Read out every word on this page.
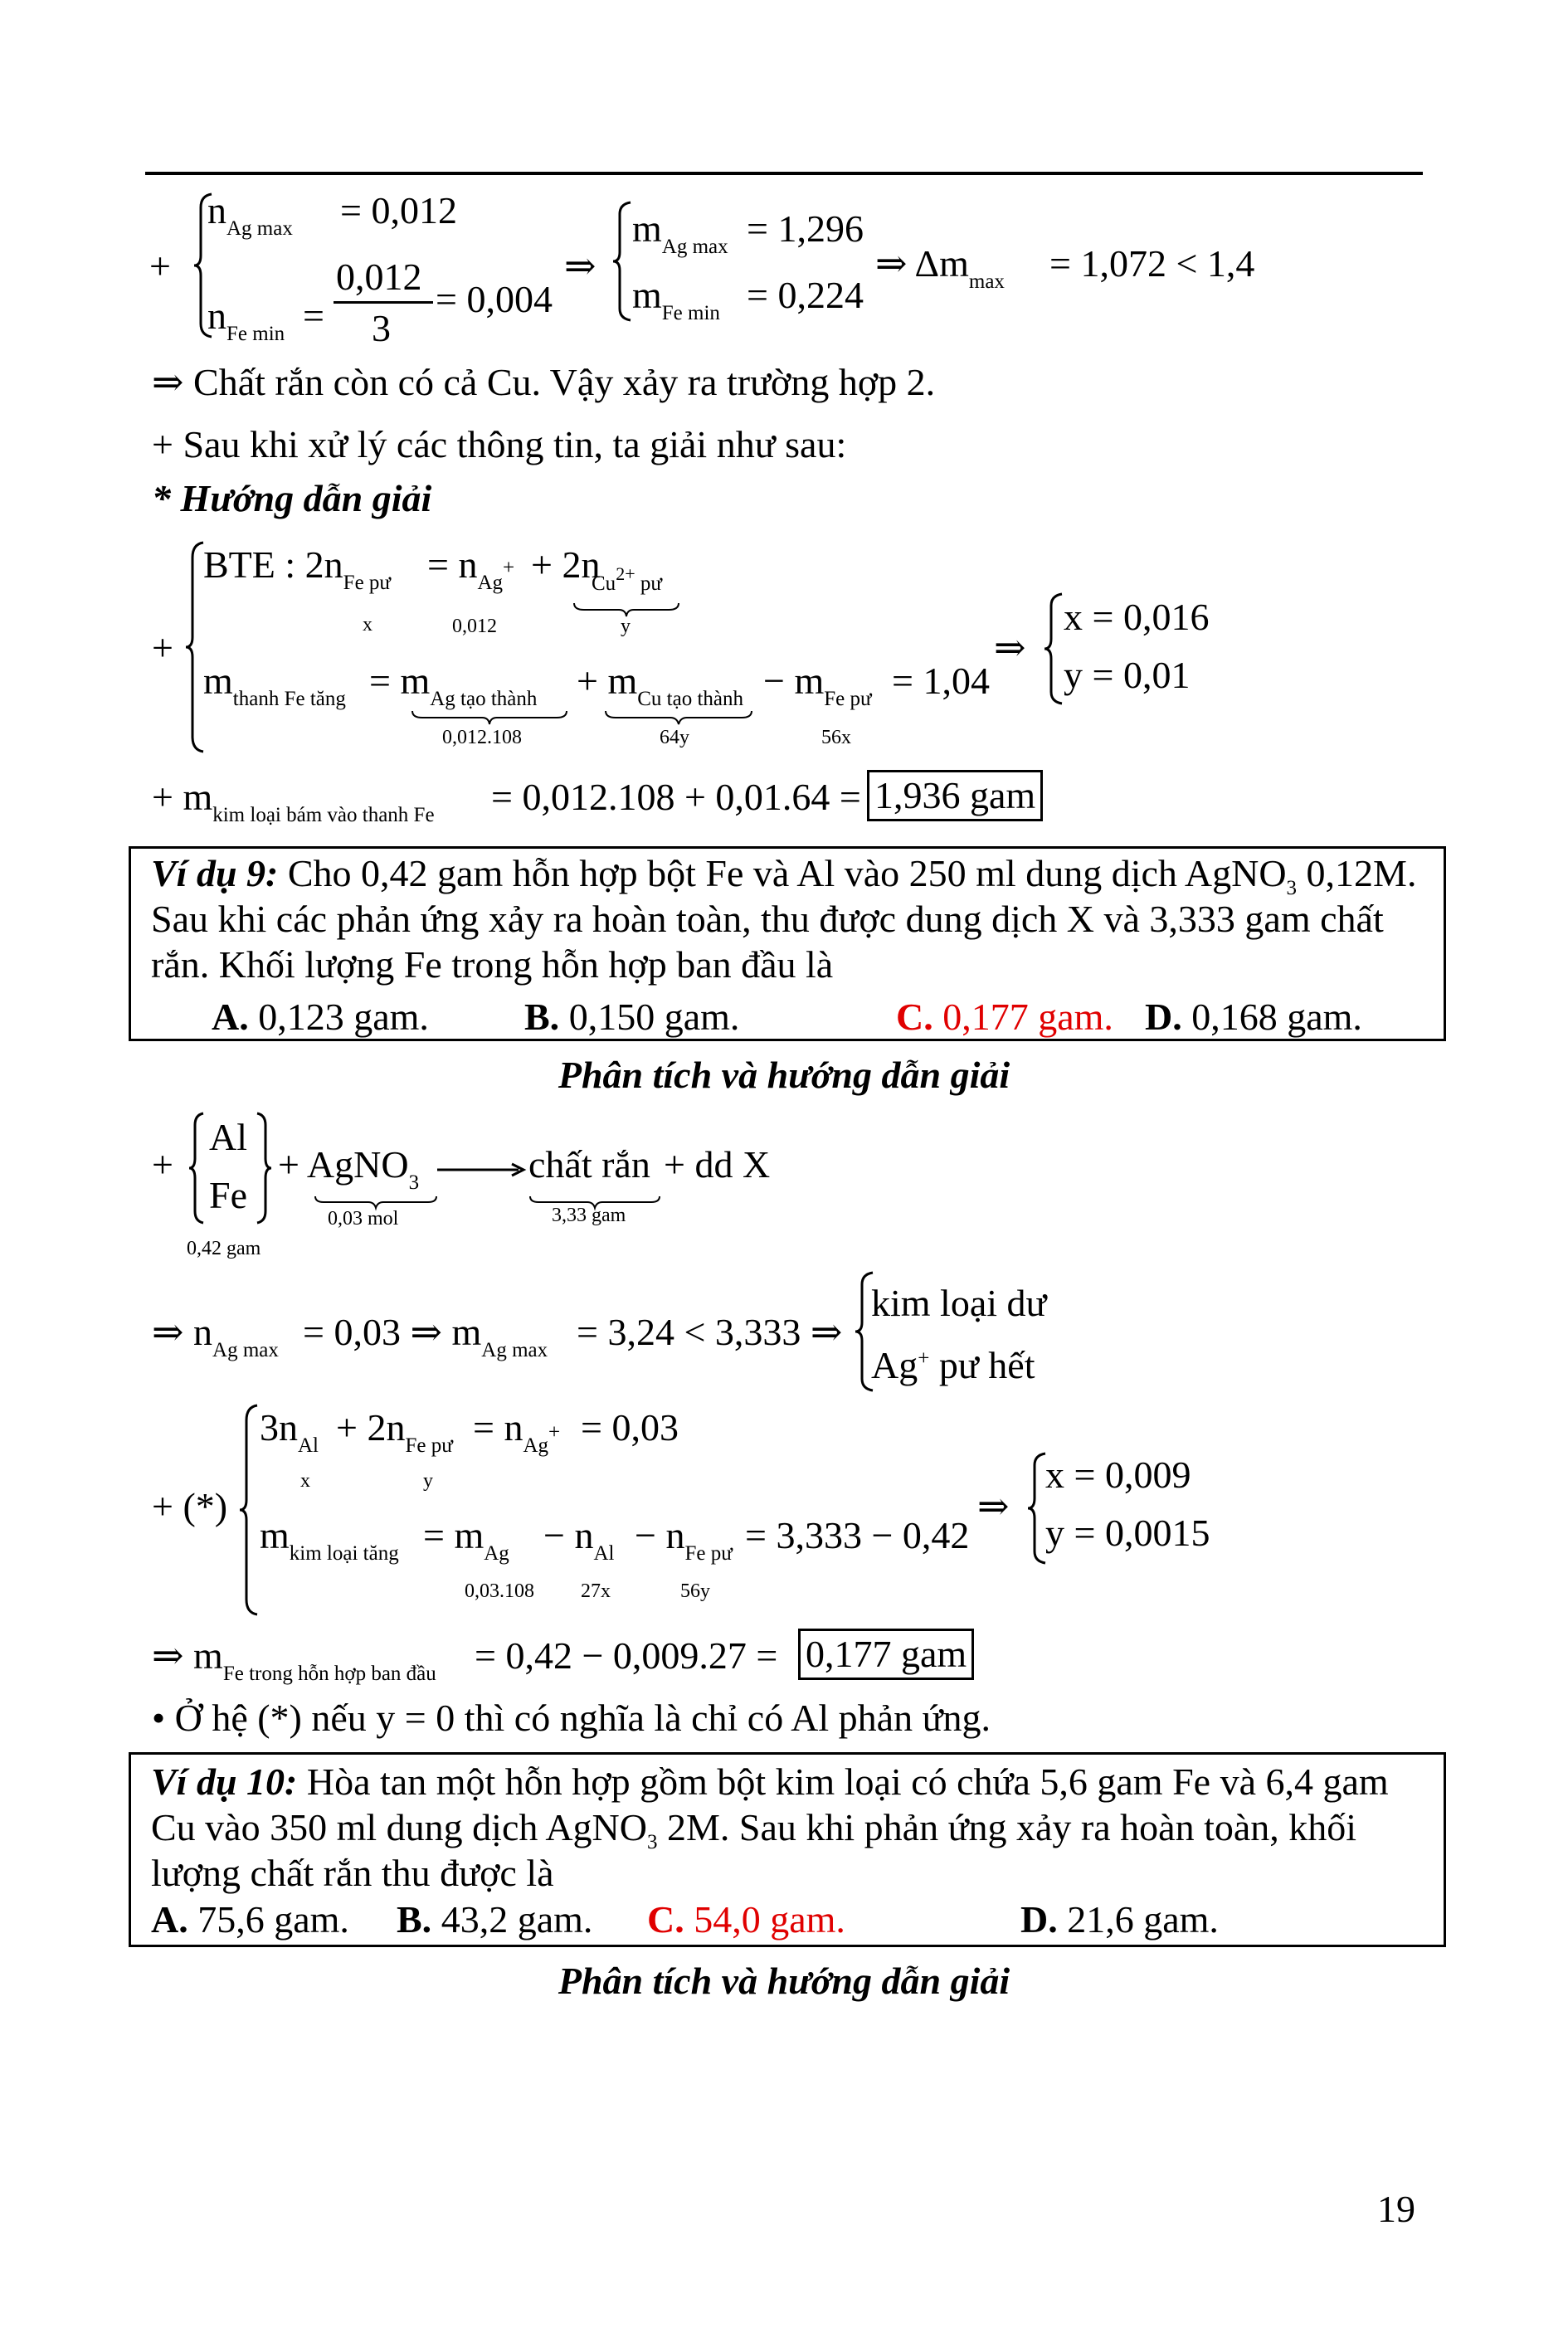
+
$n_{Ag max} = 0,012$
$n_{Fe min}$ =
0,012
3
= 0,004
⇒
$m_{Ag max} = 1,296$
$m_{Fe min} = 0,224$
⇒ $\Delta m_{max} = 1,072 < 1,4$
⇒ Chất rắn còn có cả Cu. Vậy xảy ra trường hợp 2.
+ Sau khi xử lý các thông tin, ta giải như sau:
* Hướng dẫn giải
+
BTE : $2n_{Fe pư} = n_{Ag}+ + 2n$
Cu2+ pư
x	0,012	y
$m_{thanh Fe tăng} = m_{Ag tạo thành} + m_{Cu tạo thành} - m_{Fe pư} = 1,04$
0,012.108	64y	56x
⇒
x = 0,016
y = 0,01
+ $m_{kim loại bám vào thanh Fe} = 0,012.108 + 0,01.64 = 1,936$ gam
Ví dụ 9: Cho 0,42 gam hỗn hợp bột Fe và Al vào 250 ml dung dịch AgNO$_3$ 0,12M.
Sau khi các phản ứng xảy ra hoàn toàn, thu được dung dịch X và 3,333 gam chất
rắn. Khối lượng Fe trong hỗn hợp ban đầu là
A. 0,123 gam.	B. 0,150 gam.	C. 0,177 gam. D. 0,168 gam.
Phân tích và hướng dẫn giải
+
Al
Fe
0,42 gam
+ AgNO$_3$
0,03 mol
chất rắn
3,33 gam
+ dd X
⇒ $n_{Ag max} = 0,03$ ⇒ $m_{Ag max} = 3,24 < 3,333$ ⇒
kim loại dư
Ag+ pư hết
+ (*)
$3n_{Al} + 2n_{Fe pư} = n_{Ag}+ = 0,03$
x	y
$m_{kim loại tăng} = m_{Ag} - n_{Al} - n_{Fe pư} = 3,333 - 0,42$
0,03.108 27x	56y
⇒
x = 0,009
y = 0,0015
⇒ $m_{Fe trong hỗn hợp ban đầu} = 0,42 - 0,009.27 = 0,177$ gam
• Ở hệ (*) nếu y = 0 thì có nghĩa là chỉ có Al phản ứng.
Ví dụ 10: Hòa tan một hỗn hợp gồm bột kim loại có chứa 5,6 gam Fe và 6,4 gam
Cu vào 350 ml dung dịch AgNO$_3$ 2M. Sau khi phản ứng xảy ra hoàn toàn, khối
lượng chất rắn thu được là
A. 75,6 gam. B. 43,2 gam. C. 54,0 gam.	D. 21,6 gam.
Phân tích và hướng dẫn giải
19
